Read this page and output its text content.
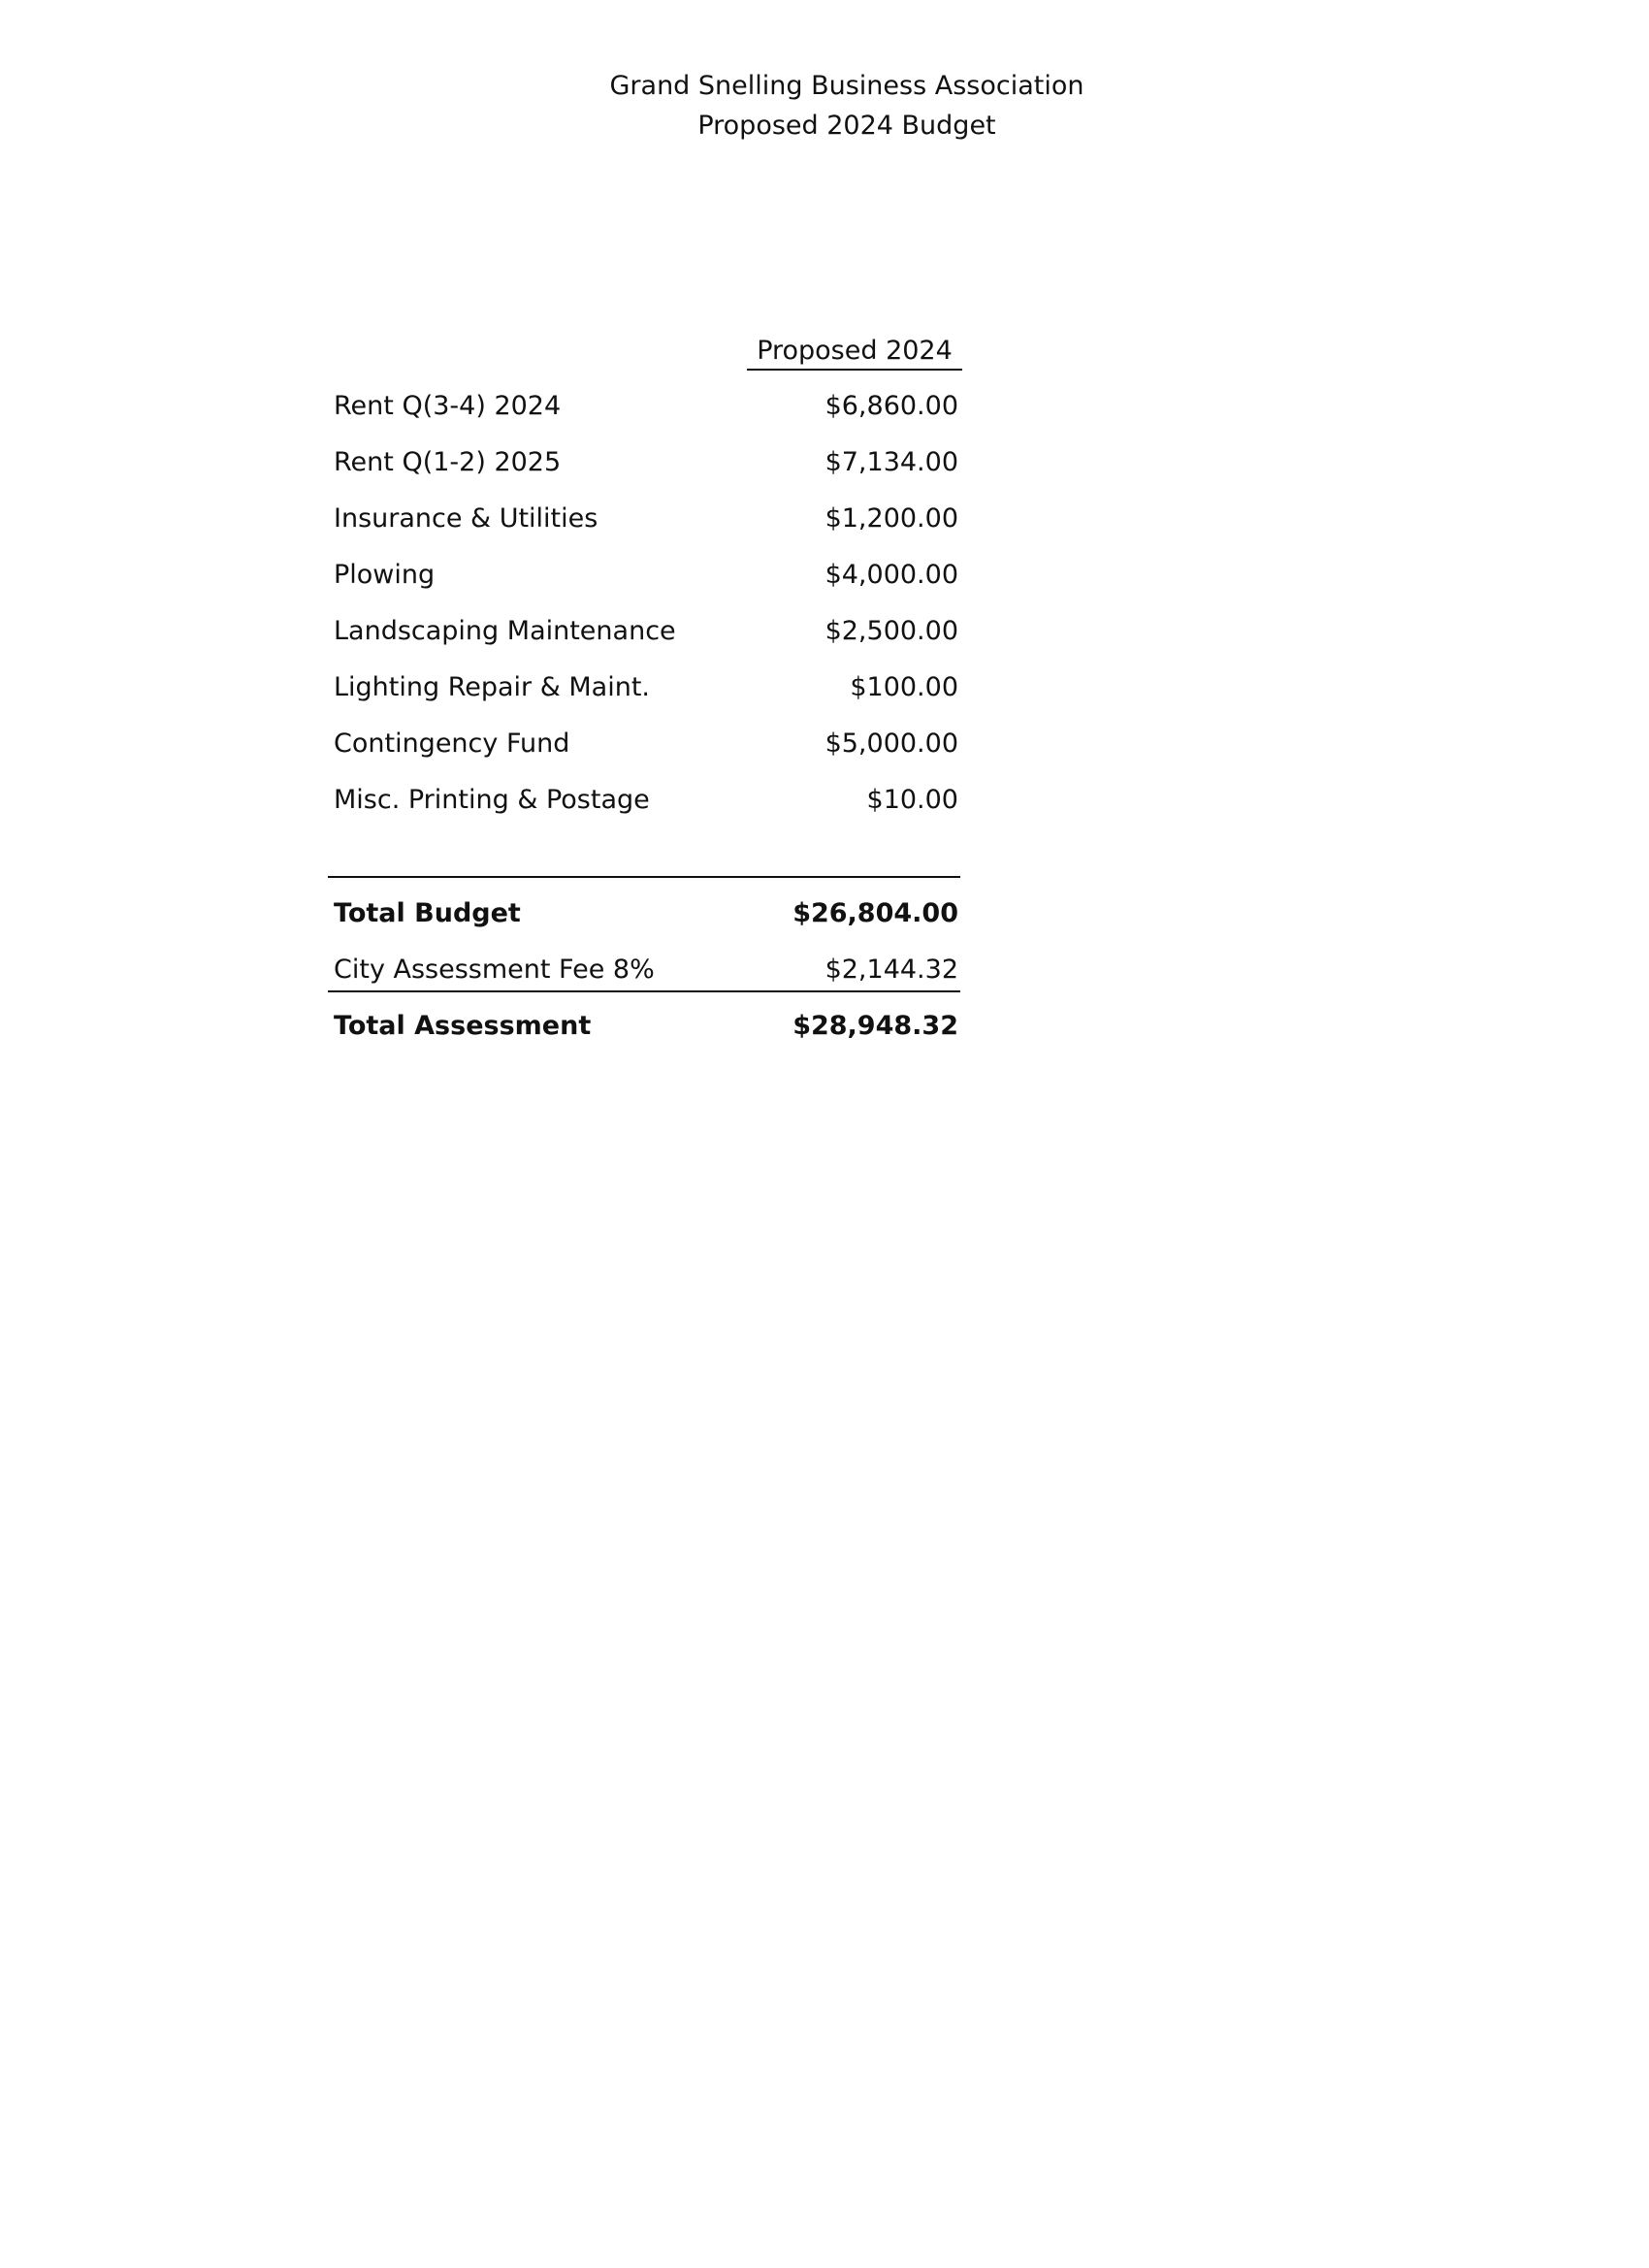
Grand Snelling Business Association
Proposed 2024 Budget
Proposed 2024
Rent Q(3-4) 2024	$6,860.00
Rent Q(1-2) 2025	$7,134.00
Insurance & Utilities	$1,200.00
Plowing	$4,000.00
Landscaping Maintenance	$2,500.00
Lighting Repair & Maint.	$100.00
Contingency Fund	$5,000.00
Misc. Printing & Postage	$10.00
Total Budget	$26,804.00
City Assessment Fee 8%	$2,144.32
Total Assessment	$28,948.32
